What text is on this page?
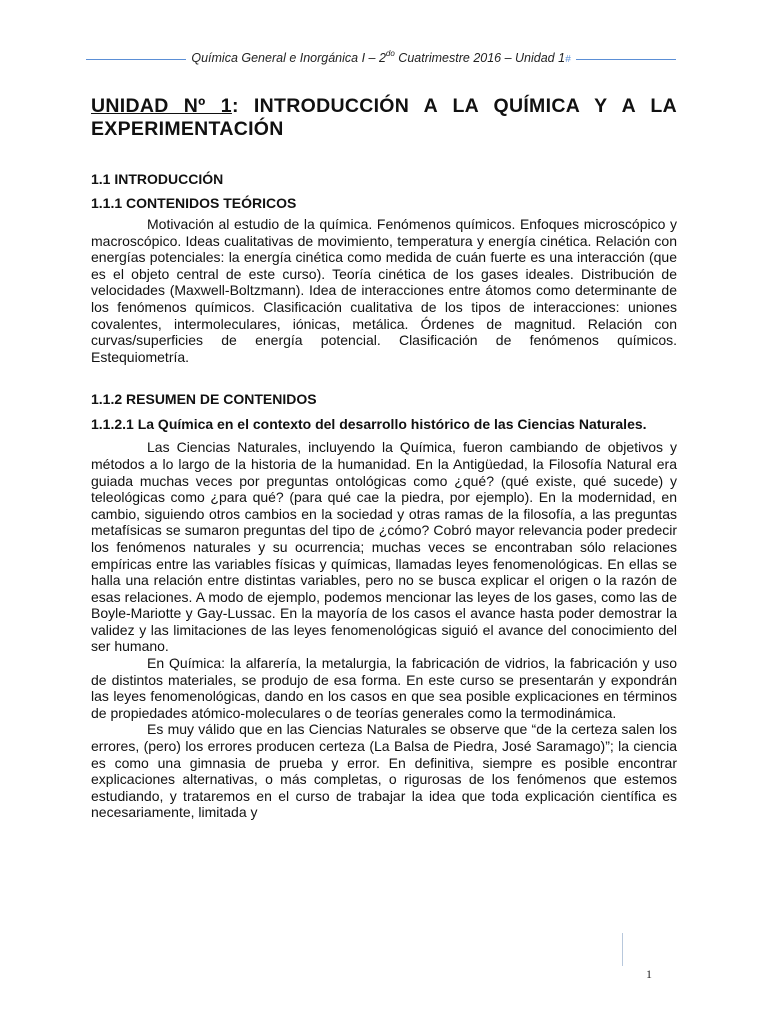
Química General e Inorgánica I – $2^{do}$ Cuatrimestre 2016 – Unidad 1#
UNIDAD Nº 1: INTRODUCCIÓN A LA QUÍMICA Y A LA EXPERIMENTACIÓN
1.1 INTRODUCCIÓN
1.1.1 CONTENIDOS TEÓRICOS

Motivación al estudio de la química. Fenómenos químicos. Enfoques microscópico y macroscópico. Ideas cualitativas de movimiento, temperatura y energía cinética. Relación con energías potenciales: la energía cinética como medida de cuán fuerte es una interacción (que es el objeto central de este curso). Teoría cinética de los gases ideales. Distribución de velocidades (Maxwell-Boltzmann). Idea de interacciones entre átomos como determinante de los fenómenos químicos. Clasificación cualitativa de los tipos de interacciones: uniones covalentes, intermoleculares, iónicas, metálica. Órdenes de magnitud. Relación con curvas/superficies de energía potencial. Clasificación de fenómenos químicos. Estequiometría.

1.1.2 RESUMEN DE CONTENIDOS
1.1.2.1 La Química en el contexto del desarrollo histórico de las Ciencias Naturales.

Las Ciencias Naturales, incluyendo la Química, fueron cambiando de objetivos y métodos a lo largo de la historia de la humanidad. En la Antigüedad, la Filosofía Natural era guiada muchas veces por preguntas ontológicas como ¿qué? (qué existe, qué sucede) y teleológicas como ¿para qué? (para qué cae la piedra, por ejemplo). En la modernidad, en cambio, siguiendo otros cambios en la sociedad y otras ramas de la filosofía, a las preguntas metafísicas se sumaron preguntas del tipo de ¿cómo? Cobró mayor relevancia poder predecir los fenómenos naturales y su ocurrencia; muchas veces se encontraban sólo relaciones empíricas entre las variables físicas y químicas, llamadas leyes fenomenológicas. En ellas se halla una relación entre distintas variables, pero no se busca explicar el origen o la razón de esas relaciones. A modo de ejemplo, podemos mencionar las leyes de los gases, como las de Boyle-Mariotte y Gay-Lussac. En la mayoría de los casos el avance hasta poder demostrar la validez y las limitaciones de las leyes fenomenológicas siguió el avance del conocimiento del ser humano.

En Química: la alfarería, la metalurgia, la fabricación de vidrios, la fabricación y uso de distintos materiales, se produjo de esa forma. En este curso se presentarán y expondrán las leyes fenomenológicas, dando en los casos en que sea posible explicaciones en términos de propiedades atómico-moleculares o de teorías generales como la termodinámica.

Es muy válido que en las Ciencias Naturales se observe que “de la certeza salen los errores, (pero) los errores producen certeza (La Balsa de Piedra, José Saramago)”; la ciencia es como una gimnasia de prueba y error. En definitiva, siempre es posible encontrar explicaciones alternativas, o más completas, o rigurosas de los fenómenos que estemos estudiando, y trataremos en el curso de trabajar la idea que toda explicación científica es necesariamente, limitada y

1
